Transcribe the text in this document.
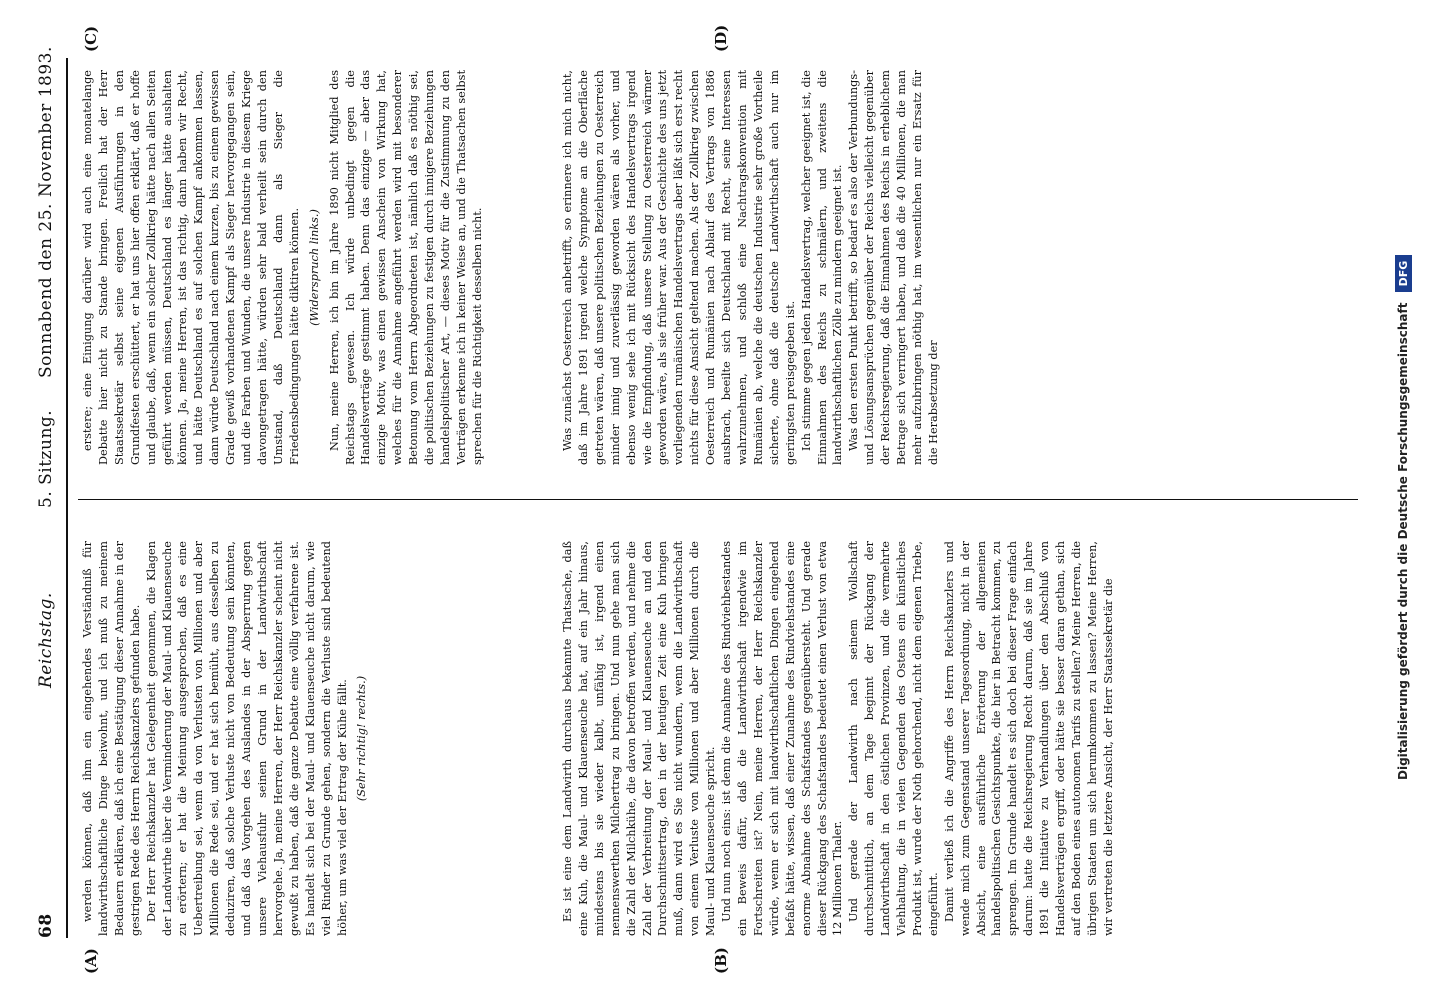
68
Reichstag.
5. Sitzung.
Sonnabend den 25. November 1893.
(A)	(B)
(C)	(D)

werden können, daß ihm ein eingehendes Verständniß für landwirthschaftliche Dinge beiwohnt, und ich muß zu meinem Bedauern erklären, daß ich eine Bestätigung dieser Annahme in der gestrigen Rede des Herrn Reichskanzlers gefunden habe. Der Herr Reichskanzler hat Gelegenheit genommen, die Klagen der Landwirthe über die Verminderung der Maul- und Klauenseuche zu erörtern; er hat die Meinung ausgesprochen, daß es eine Uebertreibung sei, wenn da von Verlusten von Millionen und aber Millionen die Rede sei, und er hat sich bemüht, aus desselben zu deduziren, daß solche Verluste nicht von Bedeutung sein könnten, und daß das Vorgehen des Auslandes in der Absperrung gegen unsere Viehausfuhr seinen Grund in der Landwirthschaft hervorgehe. Ja, meine Herren, der Herr Reichskanzler scheint nicht gewußt zu haben, daß die ganze Debatte eine völlig verfahrene ist. Es handelt sich bei der Maul- und Klauenseuche nicht darum, wie viel Rinder zu Grunde gehen, sondern die Verluste sind bedeutend höher, um was viel der Ertrag der Kühe fällt. (Sehr richtig! rechts.)

erstere; eine Einigung darüber wird auch eine monatelange Debatte hier nicht zu Stande bringen. Freilich hat der Herr Staatssekretär selbst seine eigenen Ausführungen in den Grundfesten erschüttert, er hat uns hier offen erklärt, daß er hoffe und glaube, daß, wenn ein solcher Zollkrieg hätte nach allen Seiten geführt werden müssen, Deutschland es länger hätte aushalten können. Ja, meine Herren, ist das richtig, dann haben wir Recht, und hätte Deutschland es auf solchen Kampf ankommen lassen, dann würde Deutschland nach einem kurzen, bis zu einem gewissen Grade gewiß vorhandenen Kampf als Sieger hervorgegangen sein, und die Farben und Wunden, die unsere Industrie in diesem Kriege davongetragen hätte, würden sehr bald verheilt sein durch den Umstand, daß Deutschland dann als Sieger die Friedensbedingungen hätte diktiren können. (Widerspruch links.) Nun, meine Herren, ich bin im Jahre 1890 nicht Mitglied des Reichstags gewesen. Ich würde unbedingt gegen die Handelsverträge gestimmt haben. Denn das einzige — aber das einzige Motiv, was einen gewissen Anschein von Wirkung hat, welches für die Annahme angeführt werden wird mit besonderer Betonung vom Herrn Abgeordneten ist, nämlich daß es nöthig sei, die politischen Beziehungen zu festigen durch innigere Beziehungen handelspolitischer Art, — dieses Motiv für die Zustimmung zu den Verträgen erkenne ich in keiner Weise an, und die Thatsachen selbst sprechen für die Richtigkeit desselben nicht.

Es ist eine dem Landwirth durchaus bekannte Thatsache, daß eine Kuh, die Maul- und Klauenseuche hat, auf ein Jahr hinaus, mindestens bis sie wieder kalbt, unfähig ist, irgend einen nennenswerthen Milchertrag zu bringen. Und nun gehe man sich die Zahl der Milchkühe, die davon betroffen werden, und nehme die Zahl der Verbreitung der Maul- und Klauenseuche an und den Durchschnittsertrag, den in der heutigen Zeit eine Kuh bringen muß, dann wird es Sie nicht wundern, wenn die Landwirthschaft von einem Verluste von Millionen und aber Millionen durch die Maul- und Klauenseuche spricht. Und nun noch eins: ist denn die Annahme des Rindviehbestandes ein Beweis dafür, daß die Landwirthschaft irgendwie im Fortschreiten ist? Nein, meine Herren, der Herr Reichskanzler würde, wenn er sich mit landwirthschaftlichen Dingen eingehend befaßt hätte, wissen, daß einer Zunahme des Rindviehstandes eine enorme Abnahme des Schafstandes gegenübersteht. Und gerade dieser Rückgang des Schafstandes bedeutet einen Verlust von etwa 12 Millionen Thaler. Und gerade der Landwirth nach seinem Wollschaft durchschnittlich, an dem Tage beginnt der Rückgang der Landwirthschaft in den östlichen Provinzen, und die vermehrte Viehhaltung, die in vielen Gegenden des Ostens ein künstliches Produkt ist, wurde der Noth gehorchend, nicht dem eigenen Triebe, eingeführt. Damit verließ ich die Angriffe des Herrn Reichskanzlers und wende mich zum Gegenstand unserer Tagesordnung, nicht in der Absicht, eine ausführliche Erörterung der allgemeinen handelspolitischen Gesichtspunkte, die hier in Betracht kommen, zu sprengen. Im Grunde handelt es sich doch bei dieser Frage einfach darum: hatte die Reichsregierung Recht darum, daß sie im Jahre 1891 die Initiative zu Verhandlungen über den Abschluß von Handelsverträgen ergriff, oder hätte sie besser daran gethan, sich auf den Boden eines autonomen Tarifs zu stellen? Meine Herren, die übrigen Staaten um sich herumkommen zu lassen? Meine Herren, wir vertreten die letztere Ansicht, der Herr Staatssekretär die

Was zunächst Oesterreich anbetrifft, so erinnere ich mich nicht, daß im Jahre 1891 irgend welche Symptome an die Oberfläche getreten wären, daß unsere politischen Beziehungen zu Oesterreich minder innig und zuverlässig geworden wären als vorher, und ebenso wenig sehe ich mit Rücksicht des Handelsvertrags irgend wie die Empfindung, daß unsere Stellung zu Oesterreich wärmer geworden wäre, als sie früher war. Aus der Geschichte des uns jetzt vorliegenden rumänischen Handelsvertrags aber läßt sich erst recht nichts für diese Ansicht geltend machen. Als der Zollkrieg zwischen Oesterreich und Rumänien nach Ablauf des Vertrags von 1886 ausbrach, beeilte sich Deutschland mit Recht, seine Interessen wahrzunehmen, und schloß eine Nachtragskonvention mit Rumänien ab, welche die deutschen Industrie sehr große Vortheile sicherte, ohne daß die deutsche Landwirthschaft auch nur im geringsten preisgegeben ist. Ich stimme gegen jeden Handelsvertrag, welcher geeignet ist, die Einnahmen des Reichs zu schmälern, und zweitens die landwirthschaftlichen Zölle zu mindern geeignet ist. Was den ersten Punkt betrifft, so bedarf es also der Verbundungs- und Lösungsansprüchen gegenüber der Reichs vielleicht gegenüber der Reichsregierung, daß die Einnahmen des Reichs in erheblichem Betrage sich verringert haben, und daß die 40 Millionen, die man mehr aufzubringen nöthig hat, im wesentlichen nur ein Ersatz für die Herabsetzung der	Digitalisierung gefördert durch die Deutsche Forschungsgemeinschaft DFG
